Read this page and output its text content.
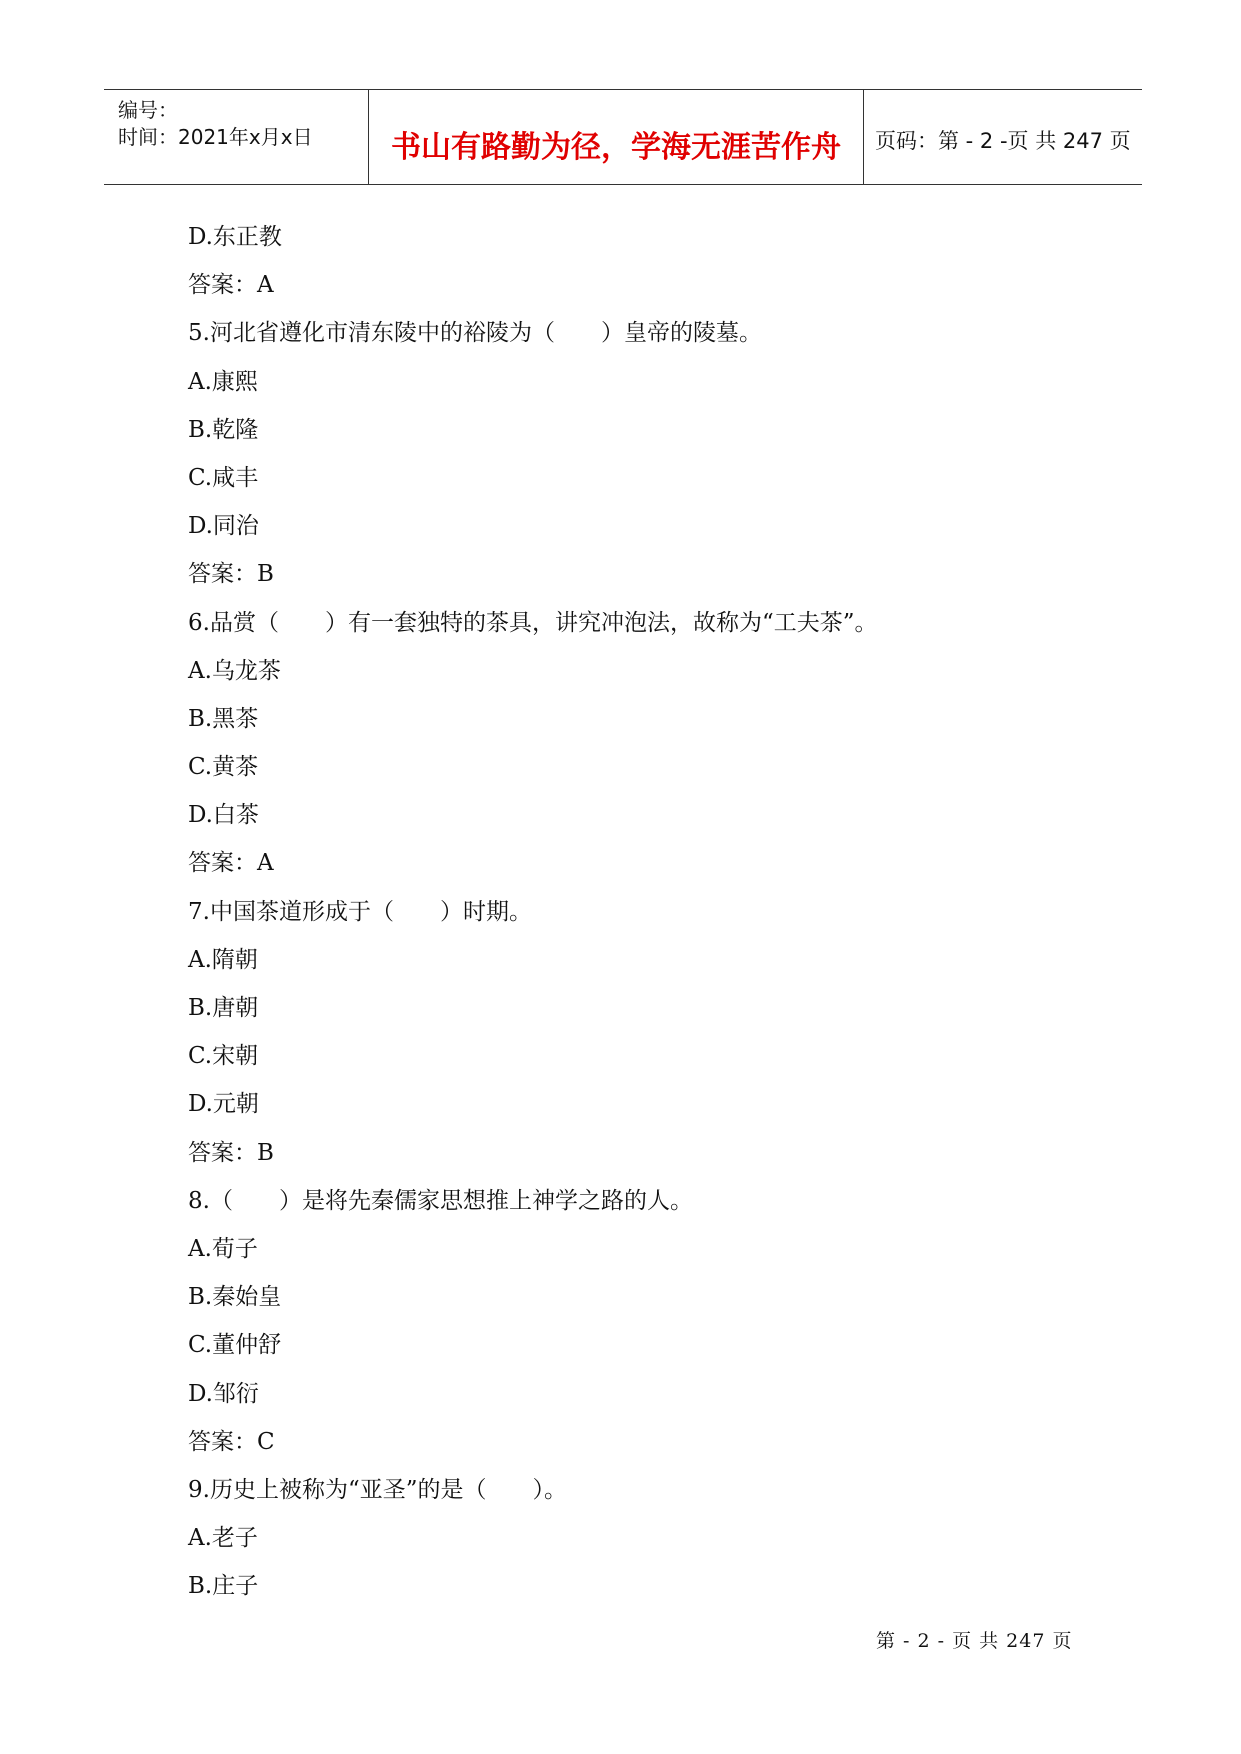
编号：
时间：2021年x月x日	书山有路勤为径，学海无涯苦作舟	页码：第 - 2 -页 共 247 页
D.东正教
答案：A
5.河北省遵化市清东陵中的裕陵为（　　）皇帝的陵墓。
A.康熙
B.乾隆
C.咸丰
D.同治
答案：B
6.品赏（　　）有一套独特的茶具，讲究冲泡法，故称为“工夫茶”。
A.乌龙茶
B.黑茶
C.黄茶
D.白茶
答案：A
7.中国茶道形成于（　　）时期。
A.隋朝
B.唐朝
C.宋朝
D.元朝
答案：B
8.（　　）是将先秦儒家思想推上神学之路的人。
A.荀子
B.秦始皇
C.董仲舒
D.邹衍
答案：C
9.历史上被称为“亚圣”的是（　　）。
A.老子
B.庄子
第 - 2 - 页 共 247 页
